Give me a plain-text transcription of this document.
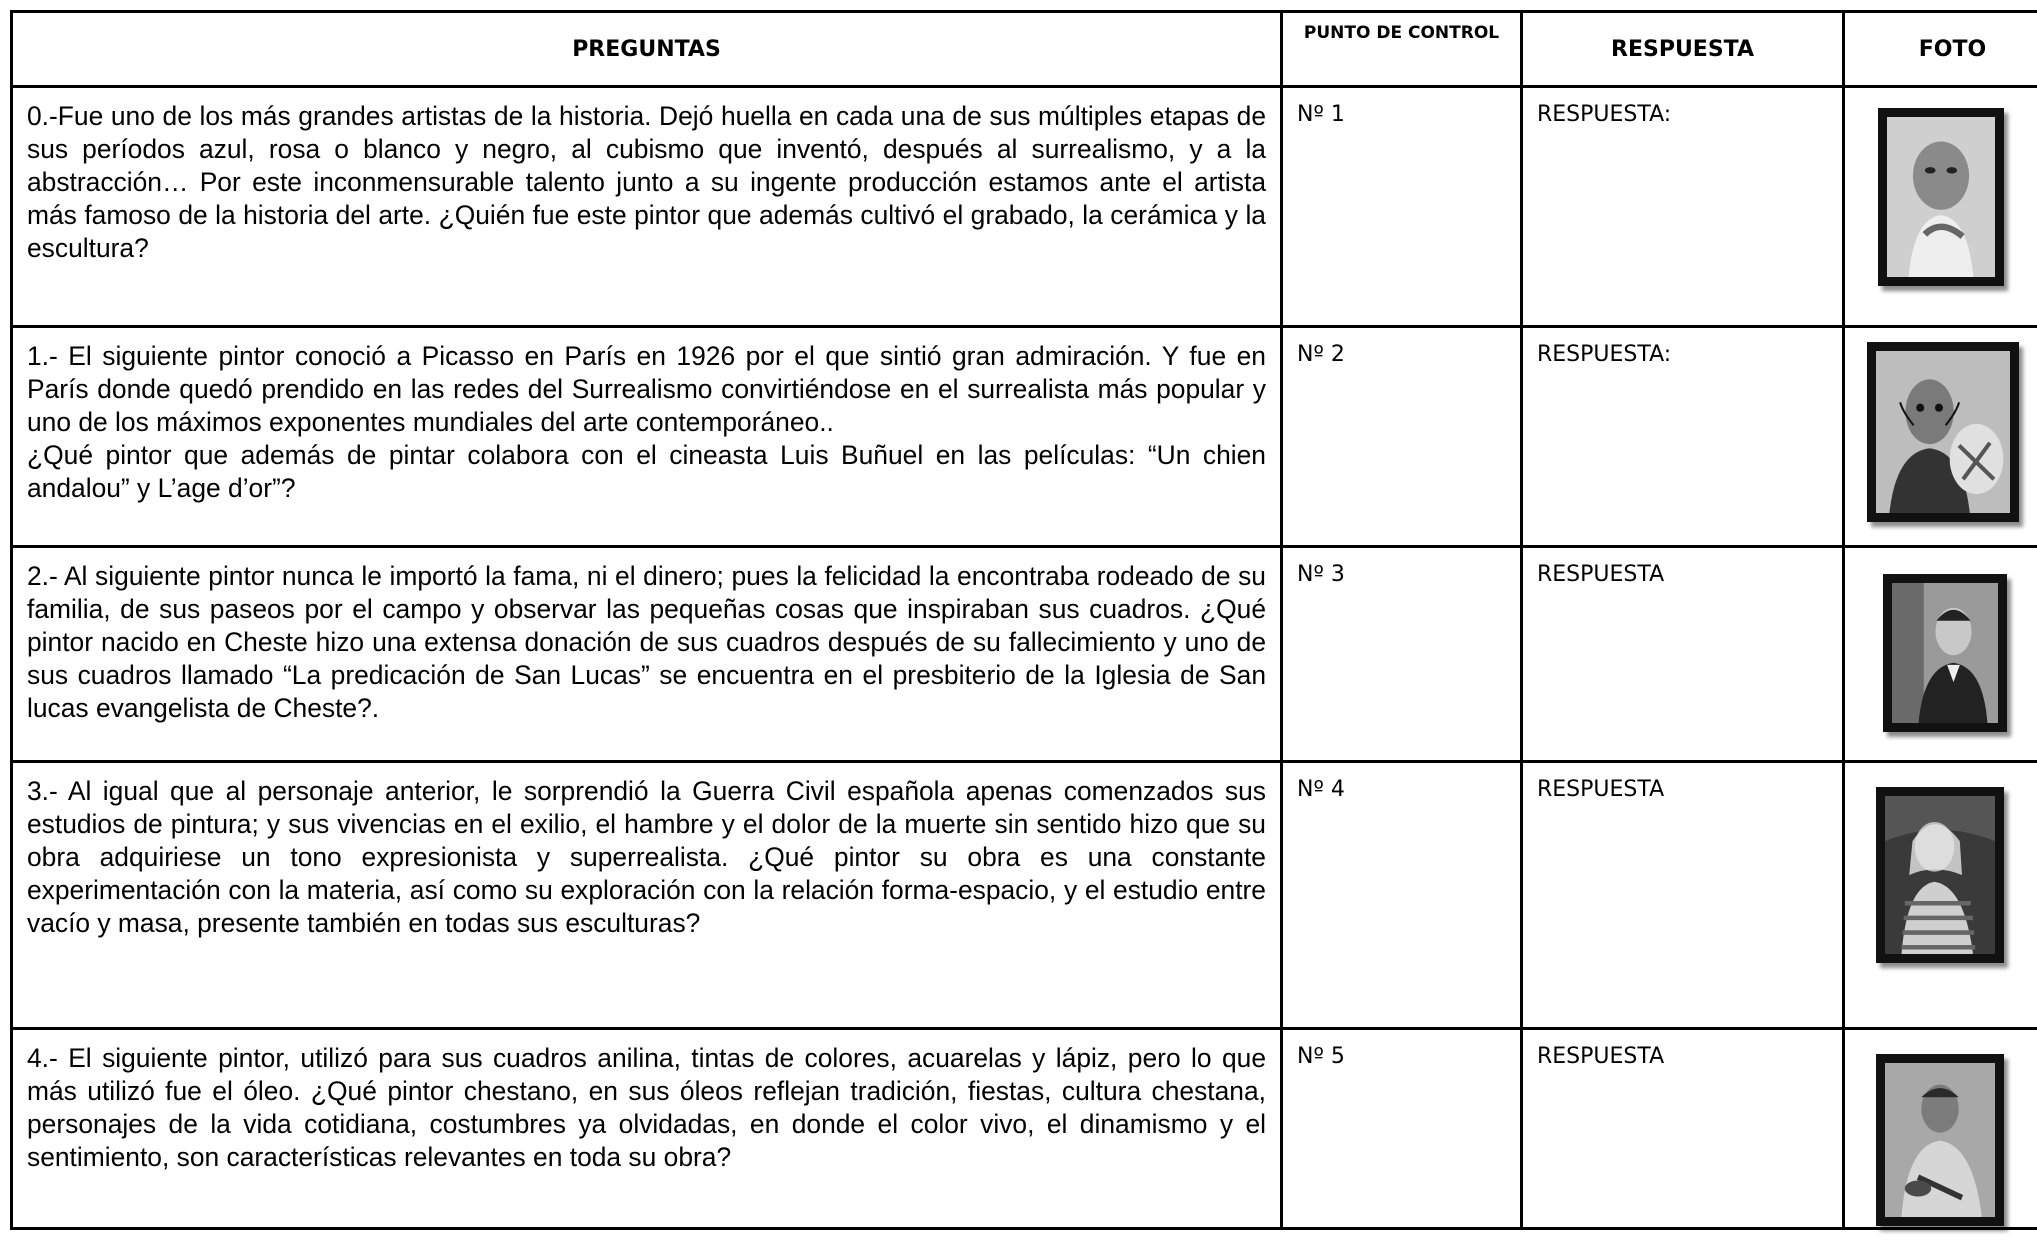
PREGUNTAS	PUNTO DE CONTROL	RESPUESTA	FOTO

0.-Fue uno de los más grandes artistas de la historia. Dejó huella en cada una de sus múltiples etapas de sus períodos azul, rosa o blanco y negro, al cubismo que inventó, después al surrealismo, y a la abstracción… Por este inconmensurable talento junto a su ingente producción estamos ante el artista más famoso de la historia del arte. ¿Quién fue este pintor que además cultivó el grabado, la cerámica y la escultura?	Nº 1	RESPUESTA:

1.- El siguiente pintor conoció a Picasso en París en 1926 por el que sintió gran admiración. Y fue en París donde quedó prendido en las redes del Surrealismo convirtiéndose en el surrealista más popular y uno de los máximos exponentes mundiales del arte contemporáneo..
¿Qué pintor que además de pintar colabora con el cineasta Luis Buñuel en las películas: “Un chien andalou” y L’age d’or”?	Nº 2	RESPUESTA:

2.- Al siguiente pintor nunca le importó la fama, ni el dinero; pues la felicidad la encontraba rodeado de su familia, de sus paseos por el campo y observar las pequeñas cosas que inspiraban sus cuadros. ¿Qué pintor nacido en Cheste hizo una extensa donación de sus cuadros después de su fallecimiento y uno de sus cuadros llamado “La predicación de San Lucas” se encuentra en el presbiterio de la Iglesia de San lucas evangelista de Cheste?.	Nº 3	RESPUESTA

3.- Al igual que al personaje anterior, le sorprendió la Guerra Civil española apenas comenzados sus estudios de pintura; y sus vivencias en el exilio, el hambre y el dolor de la muerte sin sentido hizo que su obra adquiriese un tono expresionista y superrealista. ¿Qué pintor su obra es una constante experimentación con la materia, así como su exploración con la relación forma-espacio, y el estudio entre vacío y masa, presente también en todas sus esculturas?	Nº 4	RESPUESTA

4.- El siguiente pintor, utilizó para sus cuadros anilina, tintas de colores, acuarelas y lápiz, pero lo que más utilizó fue el óleo. ¿Qué pintor chestano, en sus óleos reflejan tradición, fiestas, cultura chestana, personajes de la vida cotidiana, costumbres ya olvidadas, en donde el color vivo, el dinamismo y el sentimiento, son características relevantes en toda su obra?	Nº 5	RESPUESTA
